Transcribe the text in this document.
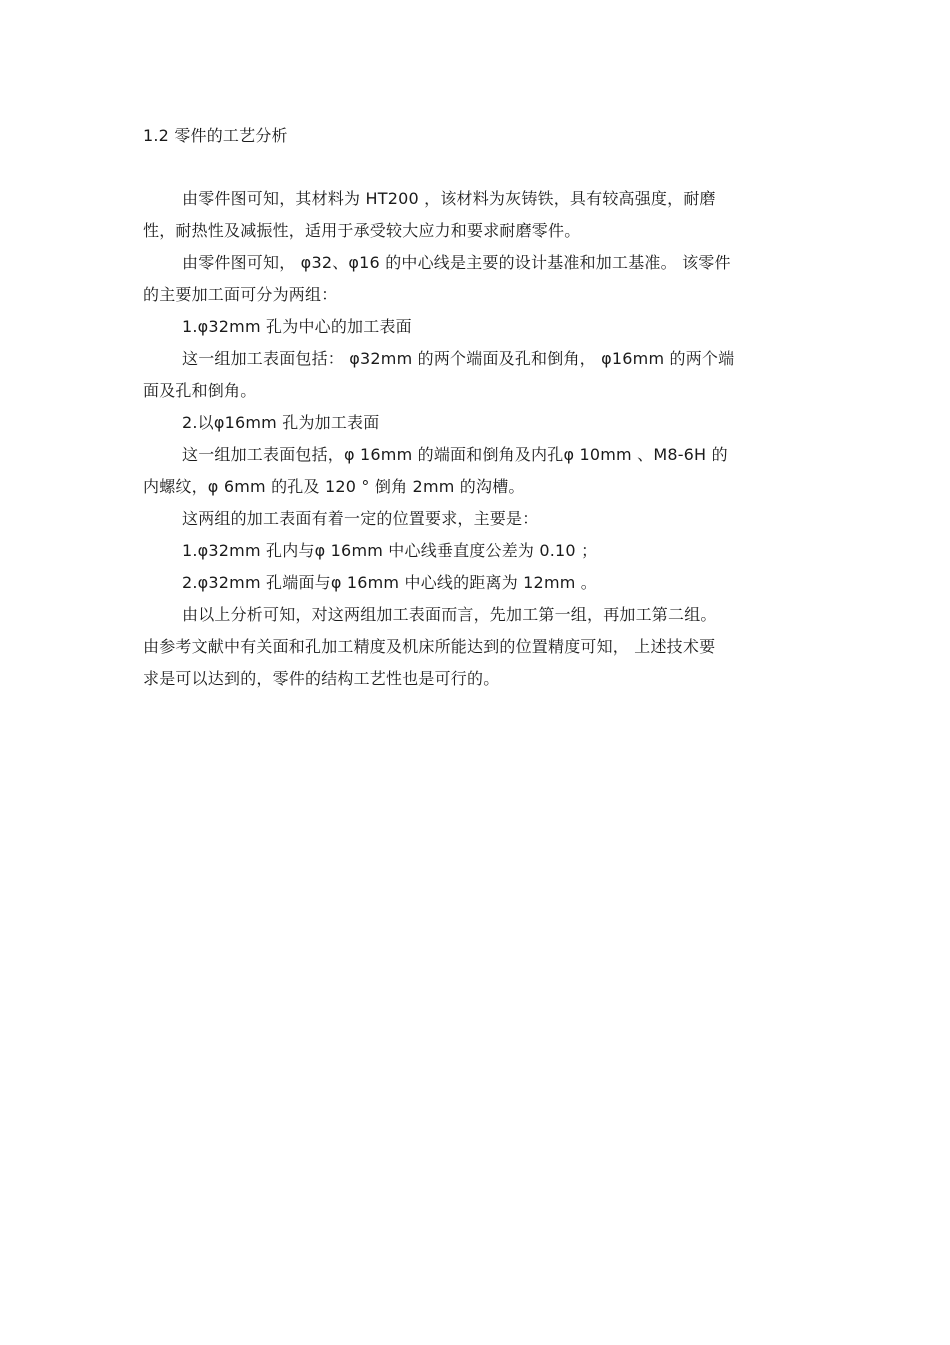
1.2 零件的工艺分析
由零件图可知，其材料为 HT200 ，该材料为灰铸铁，具有较高强度，耐磨
性，耐热性及减振性，适用于承受较大应力和要求耐磨零件。
由零件图可知， φ32、φ16 的中心线是主要的设计基准和加工基准。 该零件
的主要加工面可分为两组：
1.φ32mm 孔为中心的加工表面
这一组加工表面包括： φ32mm 的两个端面及孔和倒角， φ16mm 的两个端
面及孔和倒角。
2.以φ16mm 孔为加工表面
这一组加工表面包括，φ 16mm 的端面和倒角及内孔φ 10mm 、M8-6H 的
内螺纹，φ 6mm 的孔及 120 ° 倒角 2mm 的沟槽。
这两组的加工表面有着一定的位置要求，主要是：
1.φ32mm 孔内与φ 16mm 中心线垂直度公差为 0.10 ；
2.φ32mm 孔端面与φ 16mm 中心线的距离为 12mm 。
由以上分析可知，对这两组加工表面而言，先加工第一组，再加工第二组。
由参考文献中有关面和孔加工精度及机床所能达到的位置精度可知， 上述技术要
求是可以达到的，零件的结构工艺性也是可行的。
